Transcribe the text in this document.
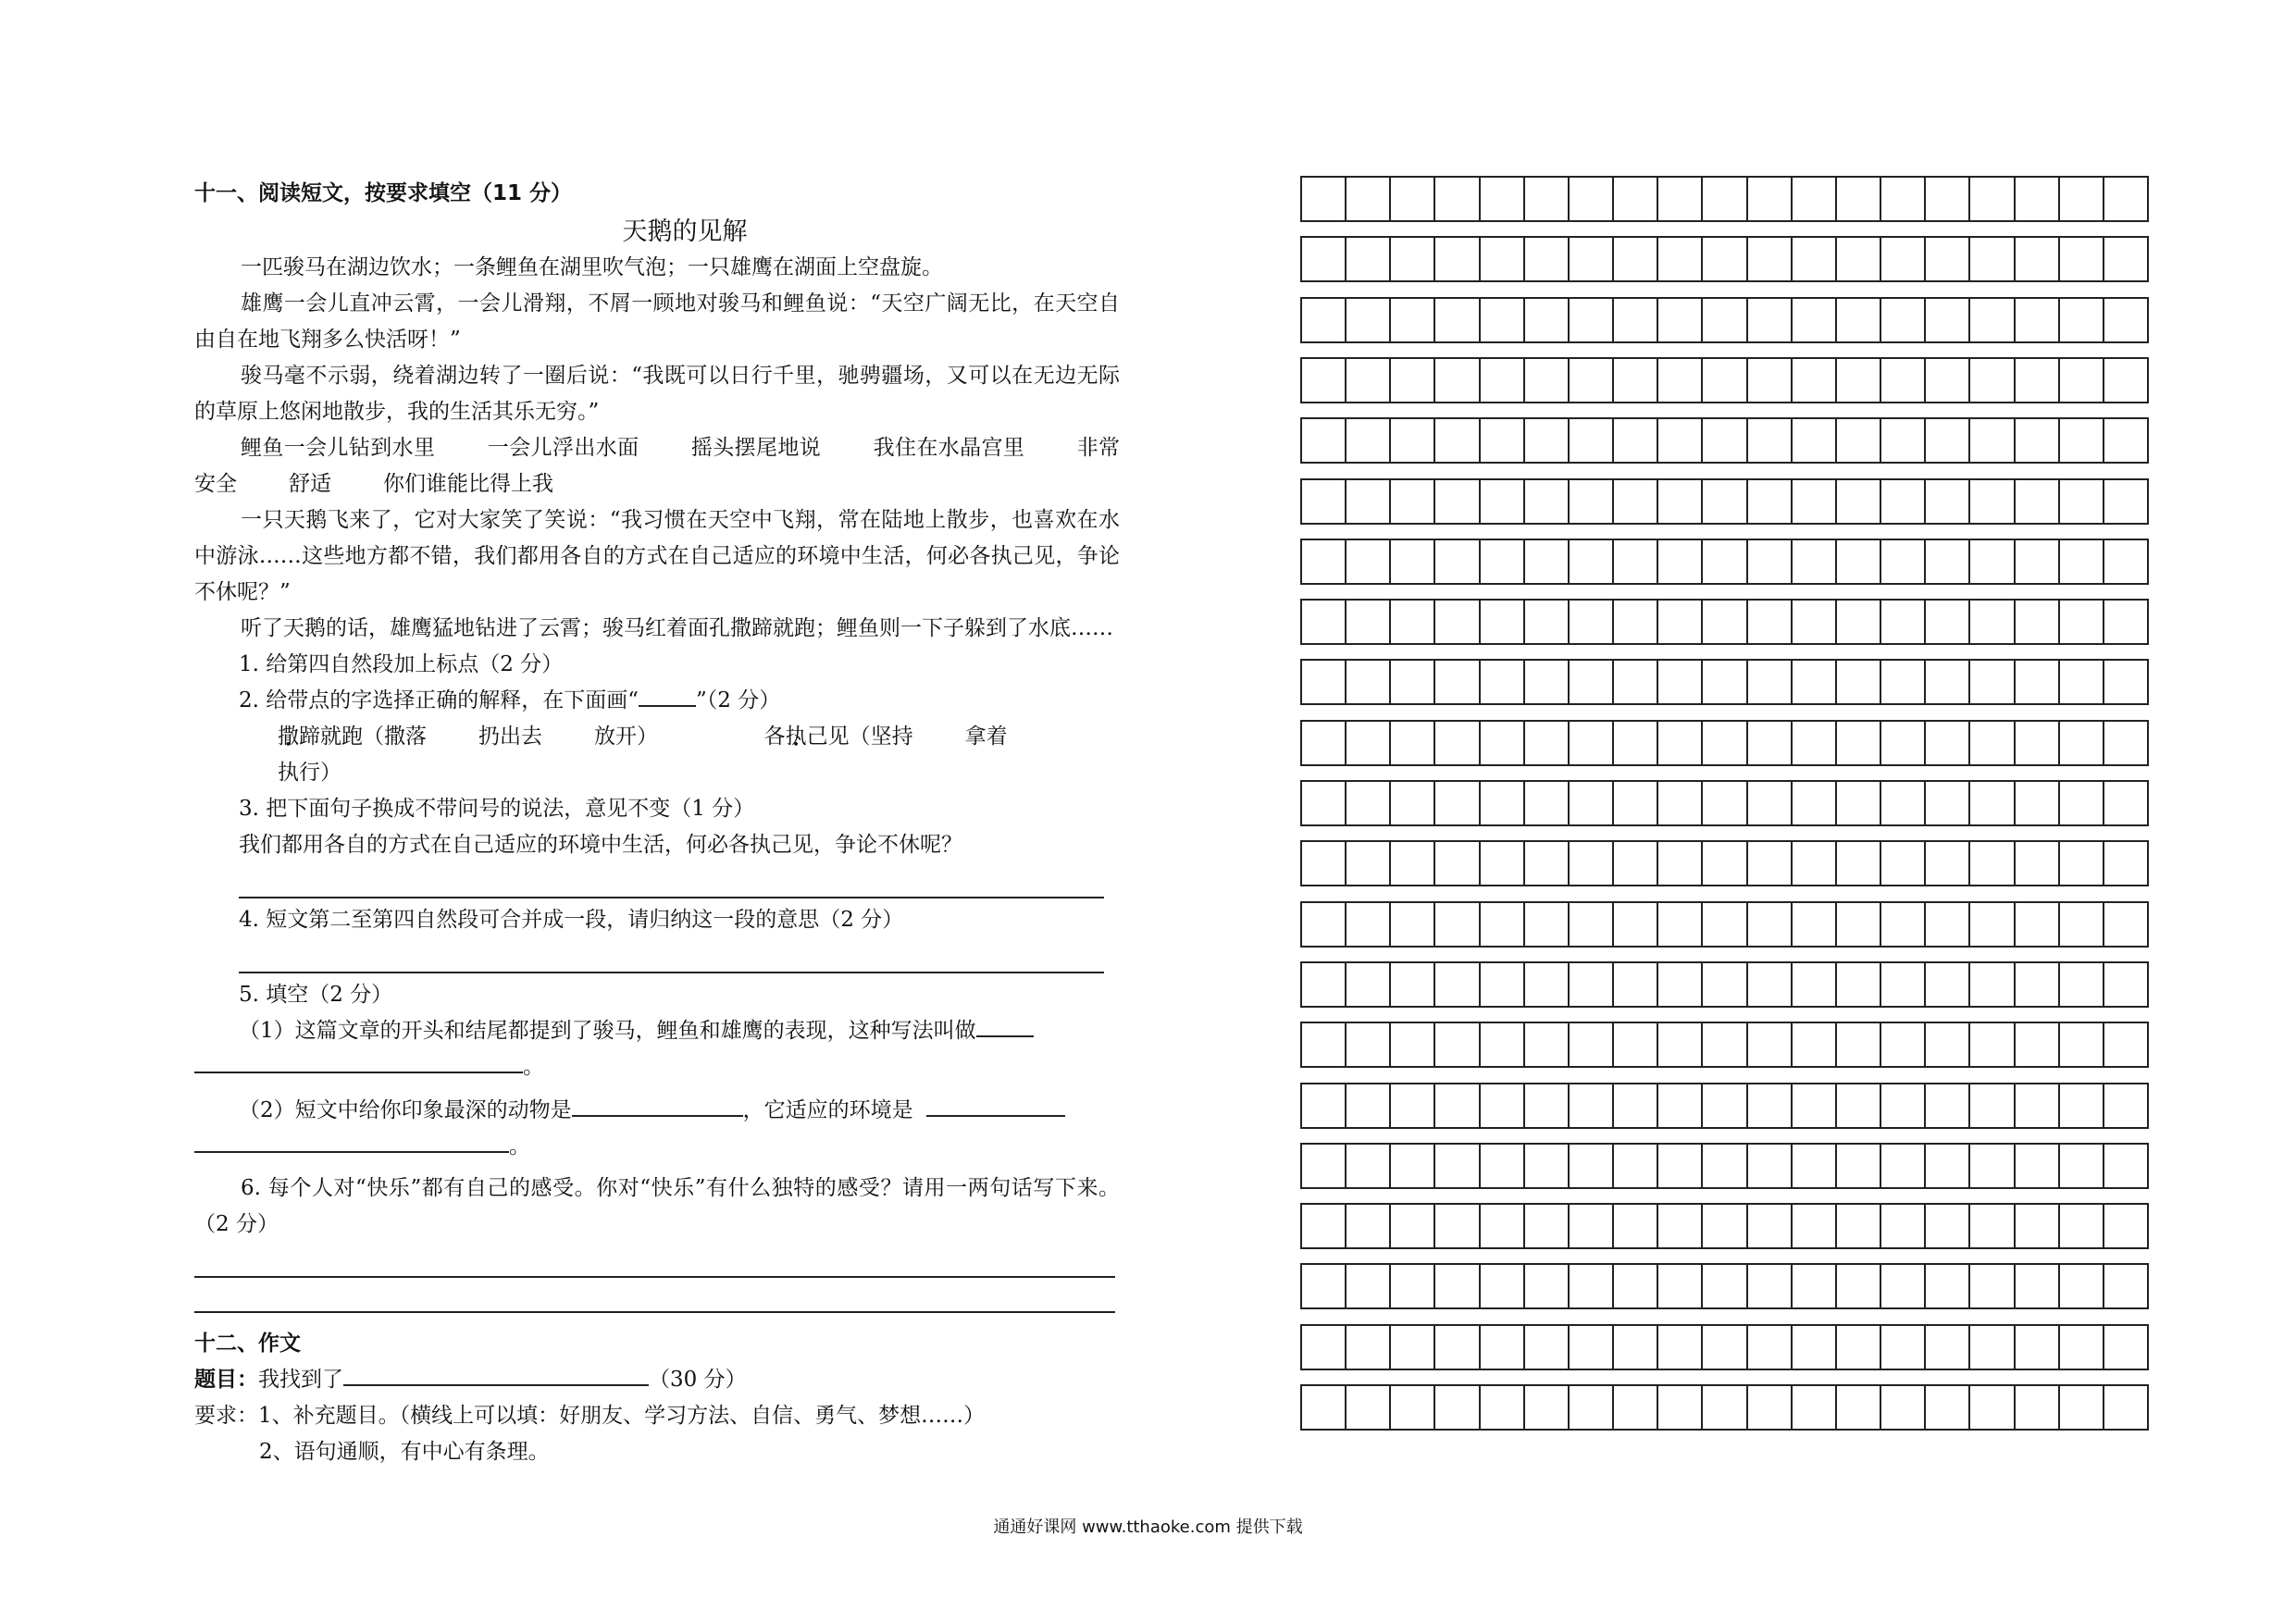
十一、阅读短文，按要求填空（11 分）
天鹅的见解
一匹骏马在湖边饮水；一条鲤鱼在湖里吹气泡；一只雄鹰在湖面上空盘旋。
雄鹰一会儿直冲云霄，一会儿滑翔，不屑一顾地对骏马和鲤鱼说：“天空广阔无比，在天空自由自在地飞翔多么快活呀！”
骏马毫不示弱，绕着湖边转了一圈后说：“我既可以日行千里，驰骋疆场，又可以在无边无际的草原上悠闲地散步，我的生活其乐无穷。”
鲤鱼一会儿钻到水里 一会儿浮出水面 摇头摆尾地说 我住在水晶宫里 非常安全 舒适 你们谁能比得上我
一只天鹅飞来了，它对大家笑了笑说：“我习惯在天空中飞翔，常在陆地上散步，也喜欢在水中游泳……这些地方都不错，我们都用各自的方式在自己适应的环境中生活，何必各执己见，争论不休呢？”
听了天鹅的话，雄鹰猛地钻进了云霄；骏马红着面孔撒蹄就跑；鲤鱼则一下子躲到了水底……
1. 给第四自然段加上标点（2 分）
2. 给带点的字选择正确的解释，在下面画“	”（2 分）
撒蹄就跑（撒落 扔出去 放开）	各执己见（坚持 拿着执行）
3. 把下面句子换成不带问号的说法，意见不变（1 分）
我们都用各自的方式在自己适应的环境中生活，何必各执己见，争论不休呢？
4. 短文第二至第四自然段可合并成一段，请归纳这一段的意思（2 分）
5. 填空（2 分）
（1）这篇文章的开头和结尾都提到了骏马，鲤鱼和雄鹰的表现，这种写法叫做
。
（2）短文中给你印象最深的动物是	，它适应的环境是
。
6. 每个人对“快乐”都有自己的感受。你对“快乐”有什么独特的感受？请用一两句话写下来。（2 分）
十二、作文
题目：我找到了	（30 分）
要求：1、补充题目。（横线上可以填：好朋友、学习方法、自信、勇气、梦想……）
2、语句通顺，有中心有条理。
通通好课网 www.tthaoke.com 提供下载
